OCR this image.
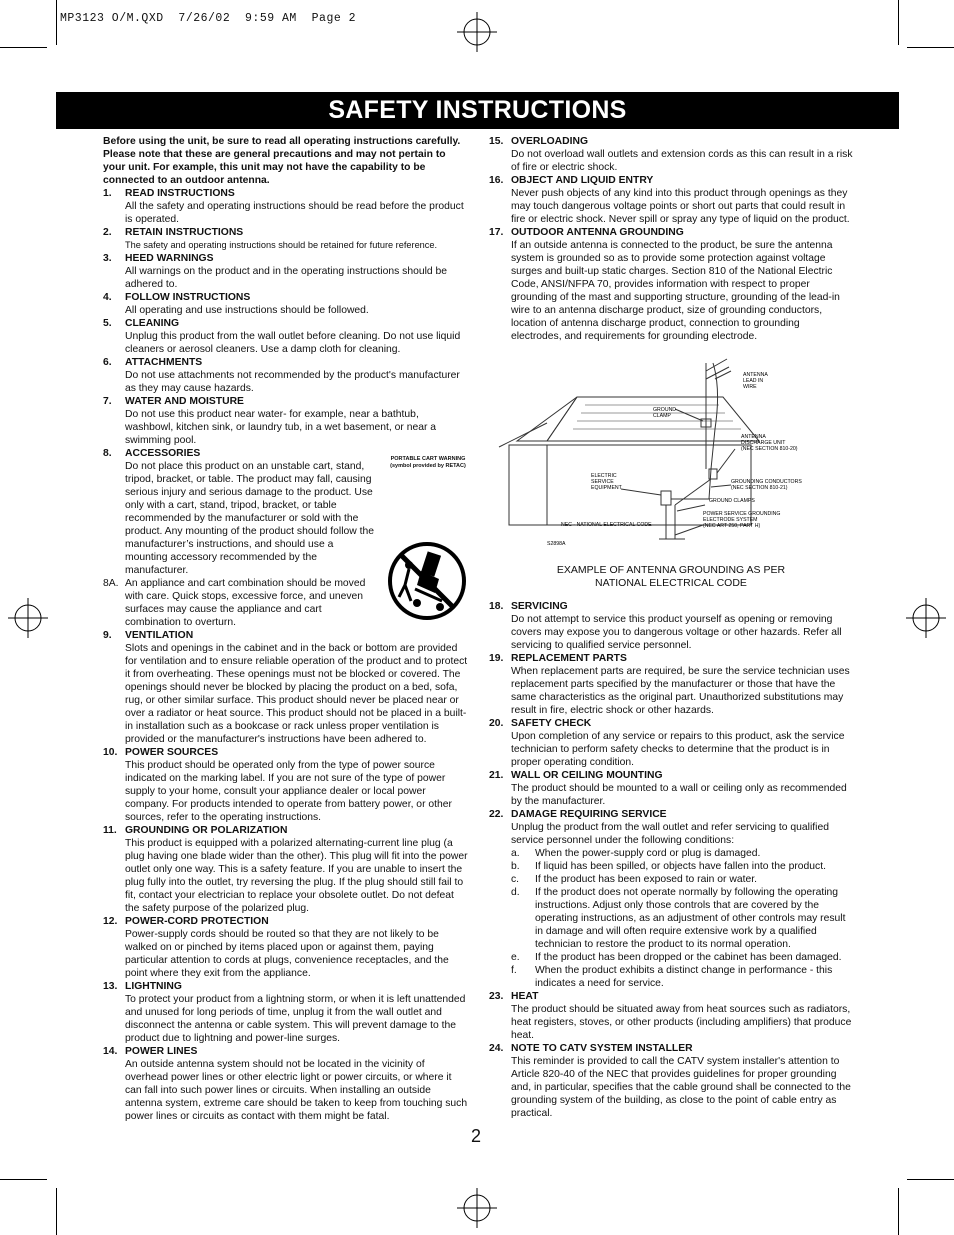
MP3123 O/M.QXD  7/26/02  9:59 AM  Page 2
SAFETY INSTRUCTIONS

Before using the unit, be sure to read all operating instructions carefully. Please note that these are general precautions and may not pertain to your unit. For example, this unit may not have the capability to be connected to an outdoor antenna.

1. READ INSTRUCTIONS
All the safety and operating instructions should be read before the product is operated.
2. RETAIN INSTRUCTIONS
The safety and operating instructions should be retained for future reference.
3. HEED WARNINGS
All warnings on the product and in the operating instructions should be adhered to.
4. FOLLOW INSTRUCTIONS
All operating and use instructions should be followed.
5. CLEANING
Unplug this product from the wall outlet before cleaning. Do not use liquid cleaners or aerosol cleaners. Use a damp cloth for cleaning.
6. ATTACHMENTS
Do not use attachments not recommended by the product's manufacturer as they may cause hazards.
7. WATER AND MOISTURE
Do not use this product near water- for example, near a bathtub, washbowl, kitchen sink, or laundry tub, in a wet basement, or near a swimming pool.
8. ACCESSORIES	PORTABLE CART WARNING
(symbol provided by RETAC)
Do not place this product on an unstable cart, stand, tripod, bracket, or table. The product may fall, causing serious injury and serious damage to the product. Use only with a cart, stand, tripod, bracket, or table recommended by the manufacturer or sold with the product. Any mounting of the product should follow the manufacturer’s instructions, and should use a mounting accessory recommended by the manufacturer.
8A. An appliance and cart combination should be moved with care. Quick stops, excessive force, and uneven surfaces may cause the appliance and cart combination to overturn.
9. VENTILATION
Slots and openings in the cabinet and in the back or bottom are provided for ventilation and to ensure reliable operation of the product and to protect it from overheating. These openings must not be blocked or covered. The openings should never be blocked by placing the product on a bed, sofa, rug, or other similar surface. This product should never be placed near or over a radiator or heat source. This product should not be placed in a built-in installation such as a bookcase or rack unless proper ventilation is provided or the manufacturer's instructions have been adhered to.
10. POWER SOURCES
This product should be operated only from the type of power source indicated on the marking label. If you are not sure of the type of power supply to your home, consult your appliance dealer or local power company. For products intended to operate from battery power, or other sources, refer to the operating instructions.
11. GROUNDING OR POLARIZATION
This product is equipped with a polarized alternating-current line plug (a plug having one blade wider than the other). This plug will fit into the power outlet only one way. This is a safety feature. If you are unable to insert the plug fully into the outlet, try reversing the plug. If the plug should still fail to fit, contact your electrician to replace your obsolete outlet. Do not defeat the safety purpose of the polarized plug.
12. POWER-CORD PROTECTION
Power-supply cords should be routed so that they are not likely to be walked on or pinched by items placed upon or against them, paying particular attention to cords at plugs, convenience receptacles, and the point where they exit from the appliance.
13. LIGHTNING
To protect your product from a lightning storm, or when it is left unattended and unused for long periods of time, unplug it from the wall outlet and disconnect the antenna or cable system. This will prevent damage to the product due to lightning and power-line surges.
14. POWER LINES
An outside antenna system should not be located in the vicinity of overhead power lines or other electric light or power circuits, or where it can fall into such power lines or circuits. When installing an outside antenna system, extreme care should be taken to keep from touching such power lines or circuits as contact with them might be fatal.
15. OVERLOADING
Do not overload wall outlets and extension cords as this can result in a risk of fire or electric shock.
16. OBJECT AND LIQUID ENTRY
Never push objects of any kind into this product through openings as they may touch dangerous voltage points or short out parts that could result in fire or electric shock. Never spill or spray any type of liquid on the product.
17. OUTDOOR ANTENNA GROUNDING
If an outside antenna is connected to the product, be sure the antenna system is grounded so as to provide some protection against voltage surges and built-up static charges. Section 810 of the National Electric Code, ANSI/NFPA 70, provides information with respect to proper grounding of the mast and supporting structure, grounding of the lead-in wire to an antenna discharge product, size of grounding conductors, location of antenna discharge product, connection to grounding electrodes, and requirements for grounding electrode.
ANTENNA LEAD IN WIRE
GROUND CLAMP
ANTENNA DISCHARGE UNIT (NEC SECTION 810-20)
ELECTRIC SERVICE EQUIPMENT
GROUNDING CONDUCTORS (NEC SECTION 810-21)
GROUND CLAMPS
POWER SERVICE GROUNDING ELECTRODE SYSTEM (NEC ART 250, PART H)
NEC - NATIONAL ELECTRICAL CODE
S2898A

EXAMPLE OF ANTENNA GROUNDING AS PER
NATIONAL ELECTRICAL CODE

18. SERVICING
Do not attempt to service this product yourself as opening or removing covers may expose you to dangerous voltage or other hazards. Refer all servicing to qualified service personnel.
19. REPLACEMENT PARTS
When replacement parts are required, be sure the service technician uses replacement parts specified by the manufacturer or those that have the same characteristics as the original part. Unauthorized substitutions may result in fire, electric shock or other hazards.
20. SAFETY CHECK
Upon completion of any service or repairs to this product, ask the service technician to perform safety checks to determine that the product is in proper operating condition.
21. WALL OR CEILING MOUNTING
The product should be mounted to a wall or ceiling only as recommended by the manufacturer.
22. DAMAGE REQUIRING SERVICE
Unplug the product from the wall outlet and refer servicing to qualified service personnel under the following conditions:
a. When the power-supply cord or plug is damaged.
b. If liquid has been spilled, or objects have fallen into the product.
c. If the product has been exposed to rain or water.
d. If the product does not operate normally by following the operating instructions. Adjust only those controls that are covered by the operating instructions, as an adjustment of other controls may result in damage and will often require extensive work by a qualified technician to restore the product to its normal operation.
e. If the product has been dropped or the cabinet has been damaged.
f. When the product exhibits a distinct change in performance - this indicates a need for service.
23. HEAT
The product should be situated away from heat sources such as radiators, heat registers, stoves, or other products (including amplifiers) that produce heat.
24. NOTE TO CATV SYSTEM INSTALLER
This reminder is provided to call the CATV system installer's attention to Article 820-40 of the NEC that provides guidelines for proper grounding and, in particular, specifies that the cable ground shall be connected to the grounding system of the building, as close to the point of cable entry as practical.
2
